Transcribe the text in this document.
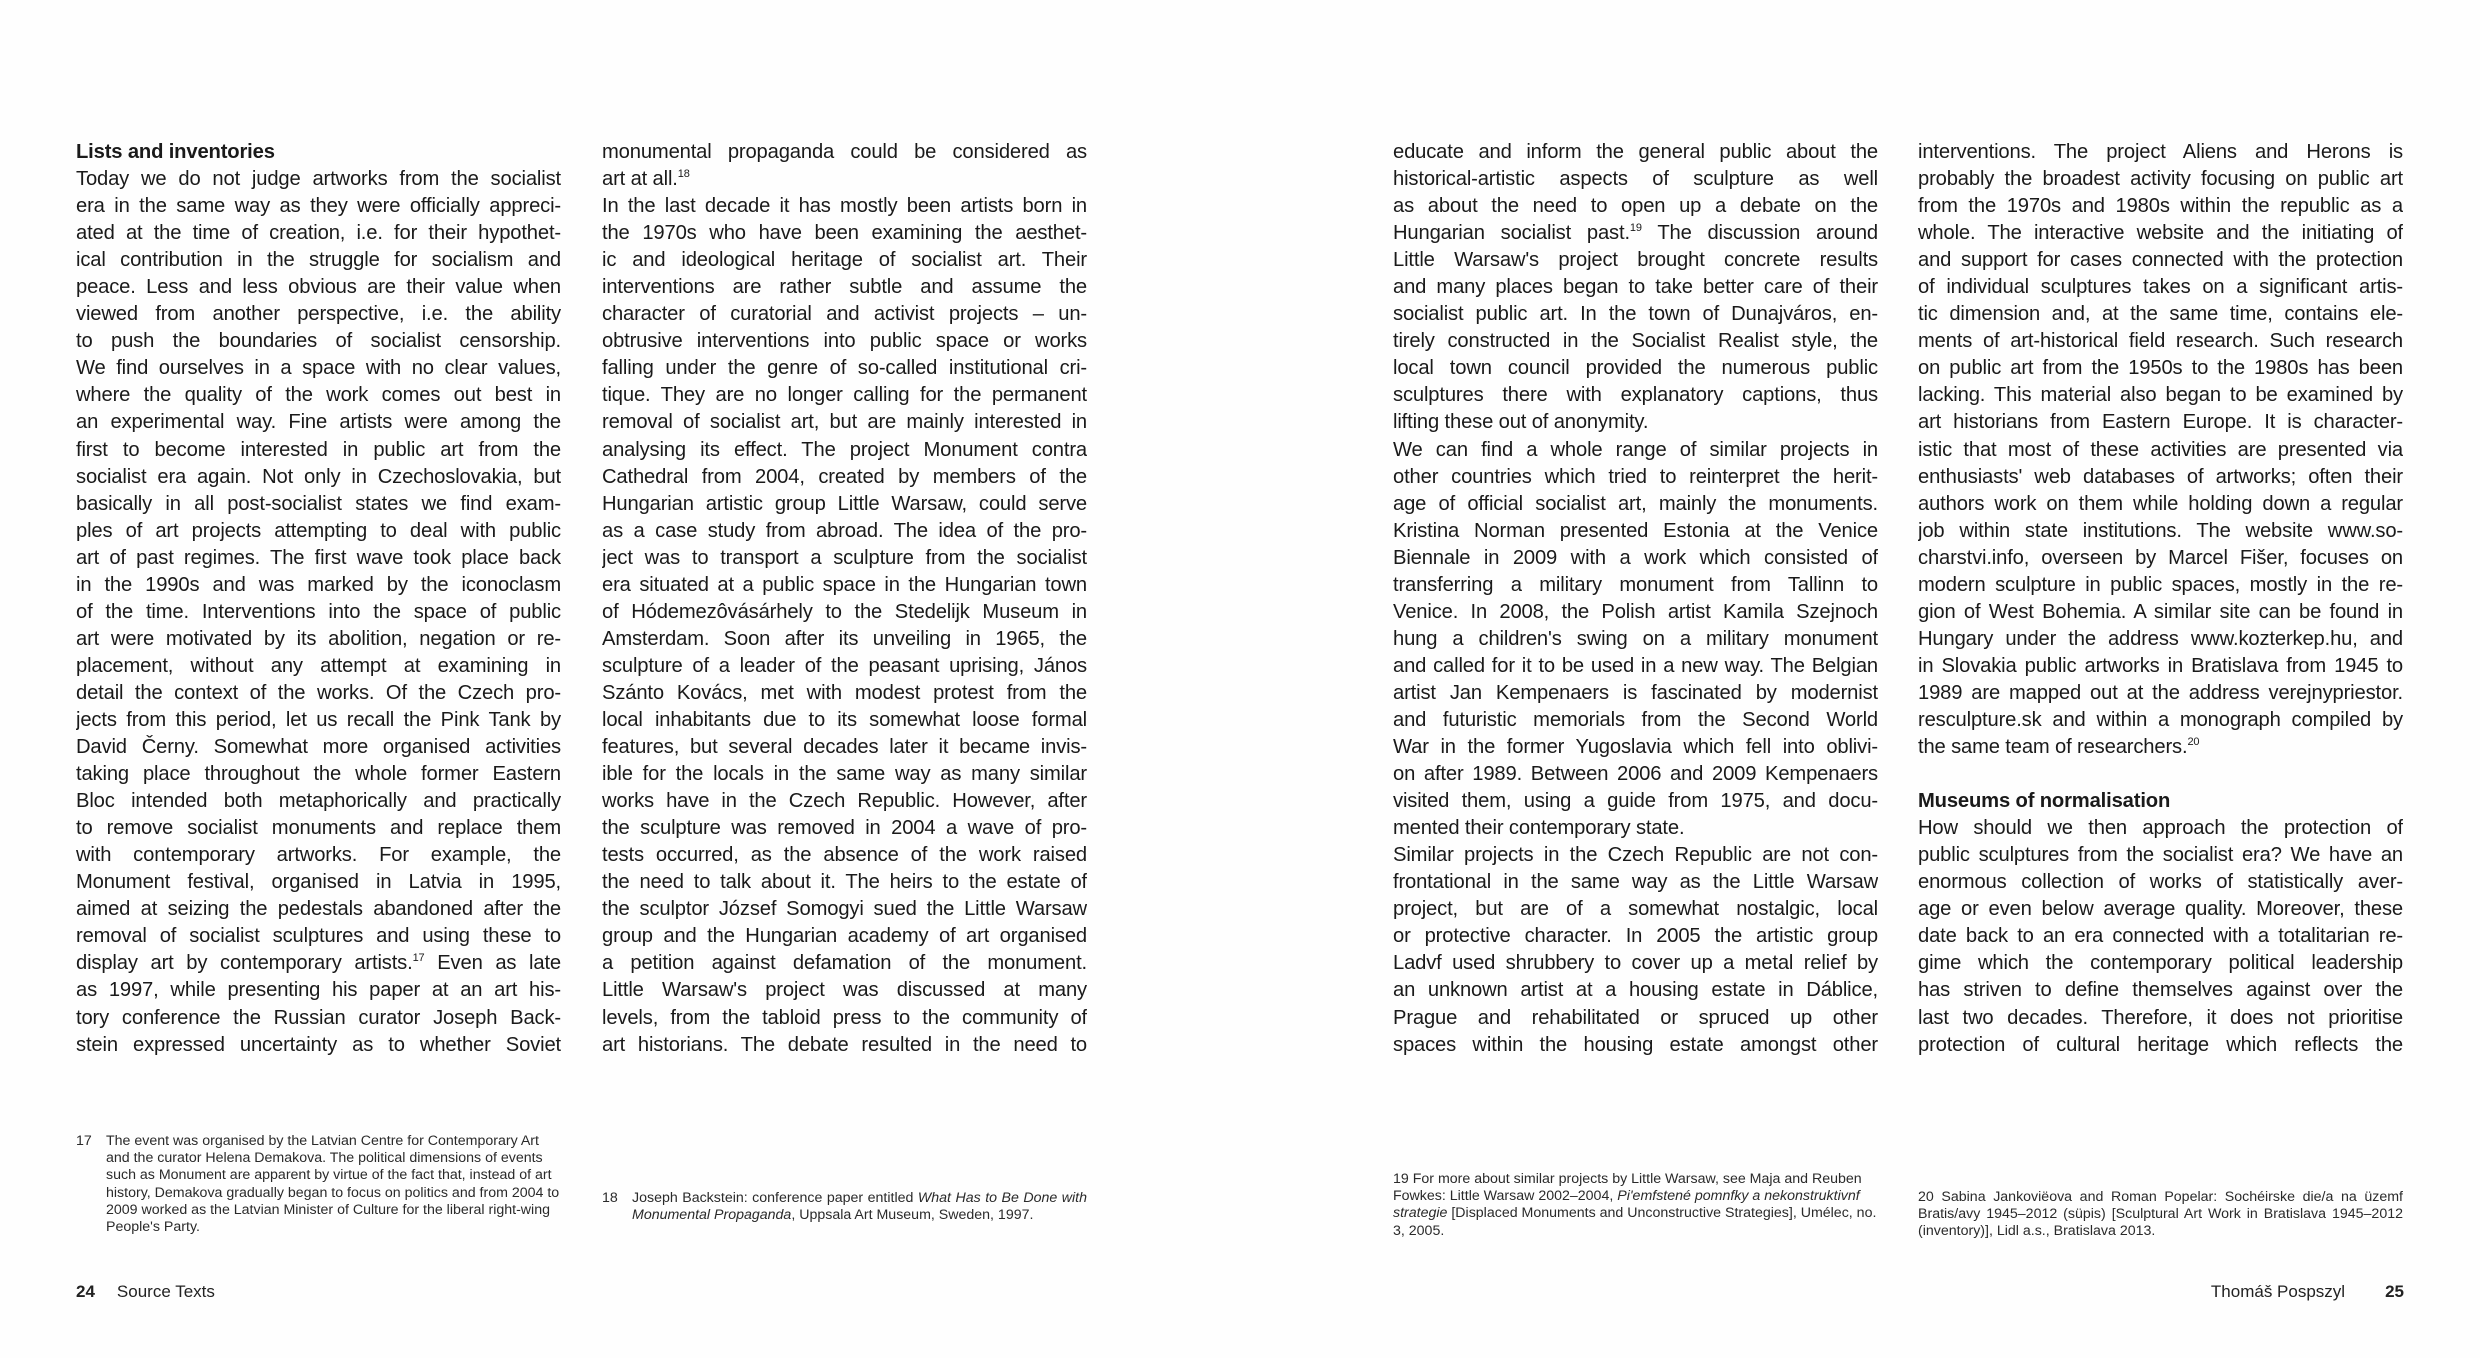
Lists and inventories
Today we do not judge artworks from the socialist
era in the same way as they were officially appreci-
ated at the time of creation, i.e. for their hypothet-
ical contribution in the struggle for socialism and
peace. Less and less obvious are their value when
viewed from another perspective, i.e. the ability
to push the boundaries of socialist censorship.
We find ourselves in a space with no clear values,
where the quality of the work comes out best in
an experimental way. Fine artists were among the
first to become interested in public art from the
socialist era again. Not only in Czechoslovakia, but
basically in all post-socialist states we find exam-
ples of art projects attempting to deal with public
art of past regimes. The first wave took place back
in the 1990s and was marked by the iconoclasm
of the time. Interventions into the space of public
art were motivated by its abolition, negation or re-
placement, without any attempt at examining in
detail the context of the works. Of the Czech pro-
jects from this period, let us recall the Pink Tank by
David Černy. Somewhat more organised activities
taking place throughout the whole former Eastern
Bloc intended both metaphorically and practically
to remove socialist monuments and replace them
with contemporary artworks. For example, the
Monument festival, organised in Latvia in 1995,
aimed at seizing the pedestals abandoned after the
removal of socialist sculptures and using these to
display art by contemporary artists.$^{17}$ Even as late
as 1997, while presenting his paper at an art his-
tory conference the Russian curator Joseph Back-
stein expressed uncertainty as to whether Soviet
monumental propaganda could be considered as
art at all.$^{18}$
In the last decade it has mostly been artists born in
the 1970s who have been examining the aesthet-
ic and ideological heritage of socialist art. Their
interventions are rather subtle and assume the
character of curatorial and activist projects – un-
obtrusive interventions into public space or works
falling under the genre of so-called institutional cri-
tique. They are no longer calling for the permanent
removal of socialist art, but are mainly interested in
analysing its effect. The project Monument contra
Cathedral from 2004, created by members of the
Hungarian artistic group Little Warsaw, could serve
as a case study from abroad. The idea of the pro-
ject was to transport a sculpture from the socialist
era situated at a public space in the Hungarian town
of Hódemezôvásárhely to the Stedelijk Museum in
Amsterdam. Soon after its unveiling in 1965, the
sculpture of a leader of the peasant uprising, János
Szánto Kovács, met with modest protest from the
local inhabitants due to its somewhat loose formal
features, but several decades later it became invis-
ible for the locals in the same way as many similar
works have in the Czech Republic. However, after
the sculpture was removed in 2004 a wave of pro-
tests occurred, as the absence of the work raised
the need to talk about it. The heirs to the estate of
the sculptor József Somogyi sued the Little Warsaw
group and the Hungarian academy of art organised
a petition against defamation of the monument.
Little Warsaw's project was discussed at many
levels, from the tabloid press to the community of
art historians. The debate resulted in the need to
educate and inform the general public about the
historical-artistic aspects of sculpture as well
as about the need to open up a debate on the
Hungarian socialist past.$^{19}$ The discussion around
Little Warsaw's project brought concrete results
and many places began to take better care of their
socialist public art. In the town of Dunajváros, en-
tirely constructed in the Socialist Realist style, the
local town council provided the numerous public
sculptures there with explanatory captions, thus
lifting these out of anonymity.
We can find a whole range of similar projects in
other countries which tried to reinterpret the herit-
age of official socialist art, mainly the monuments.
Kristina Norman presented Estonia at the Venice
Biennale in 2009 with a work which consisted of
transferring a military monument from Tallinn to
Venice. In 2008, the Polish artist Kamila Szejnoch
hung a children's swing on a military monument
and called for it to be used in a new way. The Belgian
artist Jan Kempenaers is fascinated by modernist
and futuristic memorials from the Second World
War in the former Yugoslavia which fell into oblivi-
on after 1989. Between 2006 and 2009 Kempenaers
visited them, using a guide from 1975, and docu-
mented their contemporary state.
Similar projects in the Czech Republic are not con-
frontational in the same way as the Little Warsaw
project, but are of a somewhat nostalgic, local
or protective character. In 2005 the artistic group
Ladvf used shrubbery to cover up a metal relief by
an unknown artist at a housing estate in Dáblice,
Prague and rehabilitated or spruced up other
spaces within the housing estate amongst other
interventions. The project Aliens and Herons is
probably the broadest activity focusing on public art
from the 1970s and 1980s within the republic as a
whole. The interactive website and the initiating of
and support for cases connected with the protection
of individual sculptures takes on a significant artis-
tic dimension and, at the same time, contains ele-
ments of art-historical field research. Such research
on public art from the 1950s to the 1980s has been
lacking. This material also began to be examined by
art historians from Eastern Europe. It is character-
istic that most of these activities are presented via
enthusiasts' web databases of artworks; often their
authors work on them while holding down a regular
job within state institutions. The website www.so-
charstvi.info, overseen by Marcel Fišer, focuses on
modern sculpture in public spaces, mostly in the re-
gion of West Bohemia. A similar site can be found in
Hungary under the address www.kozterkep.hu, and
in Slovakia public artworks in Bratislava from 1945 to
1989 are mapped out at the address verejnypriestor.
resculpture.sk and within a monograph compiled by
the same team of researchers.$^{20}$
Museums of normalisation
How should we then approach the protection of
public sculptures from the socialist era? We have an
enormous collection of works of statistically aver-
age or even below average quality. Moreover, these
date back to an era connected with a totalitarian re-
gime which the contemporary political leadership
has striven to define themselves against over the
last two decades. Therefore, it does not prioritise
protection of cultural heritage which reflects the
17 The event was organised by the Latvian Centre for Contemporary Art and the curator Helena Demakova. The political dimensions of events such as Monument are apparent by virtue of the fact that, instead of art history, Demakova gradually began to focus on politics and from 2004 to 2009 worked as the Latvian Minister of Culture for the liberal right-wing People's Party.
18 Joseph Backstein: conference paper entitled What Has to Be Done with Monumental Propaganda, Uppsala Art Museum, Sweden, 1997.
19 For more about similar projects by Little Warsaw, see Maja and Reuben Fowkes: Little Warsaw 2002–2004, Pi'emfstené pomnfky a nekonstruktivnf strategie [Displaced Monuments and Unconstructive Strategies], Umélec, no. 3, 2005.
20 Sabina Jankoviëova and Roman Popelar: Sochéirske die/a na üzemf Bratis/avy 1945–2012 (süpis) [Sculptural Art Work in Bratislava 1945–2012 (inventory)], Lidl a.s., Bratislava 2013.
24 Source Texts	Thomáš Pospszyl 25
